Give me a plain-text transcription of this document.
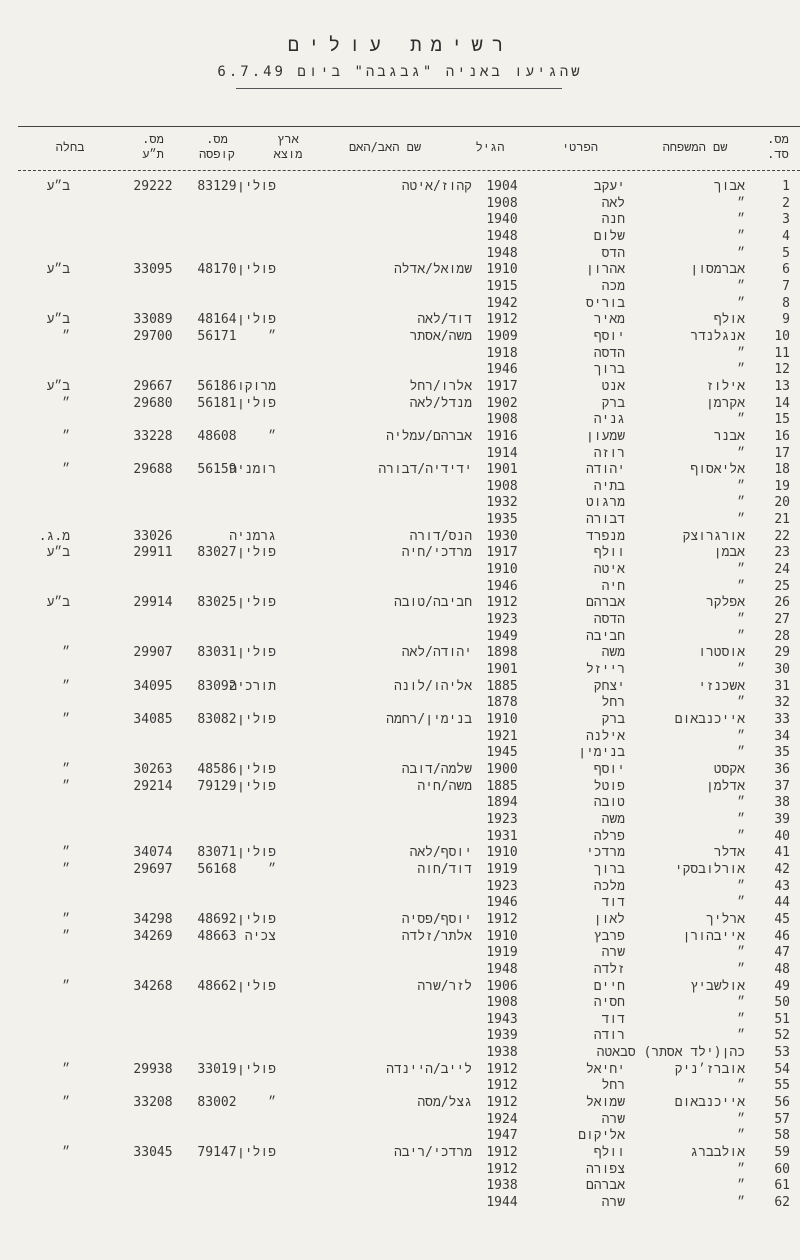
רשימת עולים
שהגיעו באניה "גבגבה" ביום 6.7.49
מס.
סד.
שם המשפחה
הפרטי
הגיל
שם האב/האם
ארץ
מוצא
מס.
קופסה
מס.
ת״ע
בחלה
1
אבוך
יעקב
1904
קהוז/איטה
פולין
83129
29222
ב״ע
2
״
לאה
1908
3
״
חנה
1940
4
״
שלום
1948
5
״
הדס
1948
6
אברמסון
אהרון
1910
שמואל/אדלה
פולין
48170
33095
ב״ע
7
״
מכה
1915
8
״
בוריס
1942
9
אולף
מאיר
1912
דוד/לאה
פולין
48164
33089
ב״ע
10
אנגלנדר
יוסף
1909
משה/אסתר
״
56171
29700
״
11
״
הדסה
1918
12
״
ברוך
1946
13
אילוז
אנט
1917
אלרו/רחל
מרוקו
56186
29667
ב״ע
14
אקרמן
ברק
1902
מנדל/לאה
פולין
56181
29680
״
15
״
גניה
1908
16
אבנר
שמעון
1916
אברהם/עמליה
״
48608
33228
״
17
״
רוזה
1914
18
אליאסוף
יהודה
1901
ידידיה/דבורה
רומניה
56159
29688
״
19
״
בתיה
1908
20
״
מרגוט
1932
21
״
דבורה
1935
22
אורגרוצק
מנפרד
1930
הנס/דורה
גרמניה
33026
מ.ג.
23
אבמן
וולף
1917
מרדכי/חיה
פולין
83027
29911
ב״ע
24
״
איטה
1910
25
״
חיה
1946
26
אפלקר
אברהם
1912
חביבה/טובה
פולין
83025
29914
ב״ע
27
״
הדסה
1923
28
״
חביבה
1949
29
אוסטרו
משה
1898
יהודה/לאה
פולין
83031
29907
״
30
״
רייזל
1901
31
אשכנזי
יצחק
1885
אליהו/לונה
תורכיה
83092
34095
״
32
״
רחל
1878
33
אייכנבאום
ברק
1910
בנימין/רחמה
פולין
83082
34085
״
34
״
אילנה
1921
35
״
בנימין
1945
36
אקסט
יוסף
1900
שלמה/דובה
פולין
48586
30263
״
37
אדלמן
פוטל
1885
משה/חיה
פולין
79129
29214
״
38
״
טובה
1894
39
״
משה
1923
40
״
פרלה
1931
41
אדלר
מרדכי
1910
יוסף/לאה
פולין
83071
34074
״
42
אורלובסקי
ברוך
1919
דוד/חוה
״
56168
29697
״
43
״
מלכה
1923
44
״
דוד
1946
45
ארליך
לאון
1912
יוסף/פסיה
פולין
48692
34298
״
46
אייבהורן
פרבץ
1910
אלתר/זלדה
צכיה
48663
34269
״
47
״
שרה
1919
48
״
זלדה
1948
49
אולשביץ
חיים
1906
לזר/שרה
פולין
48662
34268
״
50
״
חסיה
1908
51
״
דוד
1943
52
״
רודה
1939
53
כהן(ילד אסתר) סבאטה
1938
54
אוברז׳ניק
יחיאל
1912
לייב/היינדה
פולין
33019
29938
״
55
״
רחל
1912
56
אייכנבאום
שמואל
1912
גצל/מסה
״
83002
33208
״
57
״
שרה
1924
58
״
אליקום
1947
59
אולבברג
וולף
1912
מרדכי/ריבה
פולין
79147
33045
״
60
״
צפורה
1912
61
״
אברהם
1938
62
״
שרה
1944
